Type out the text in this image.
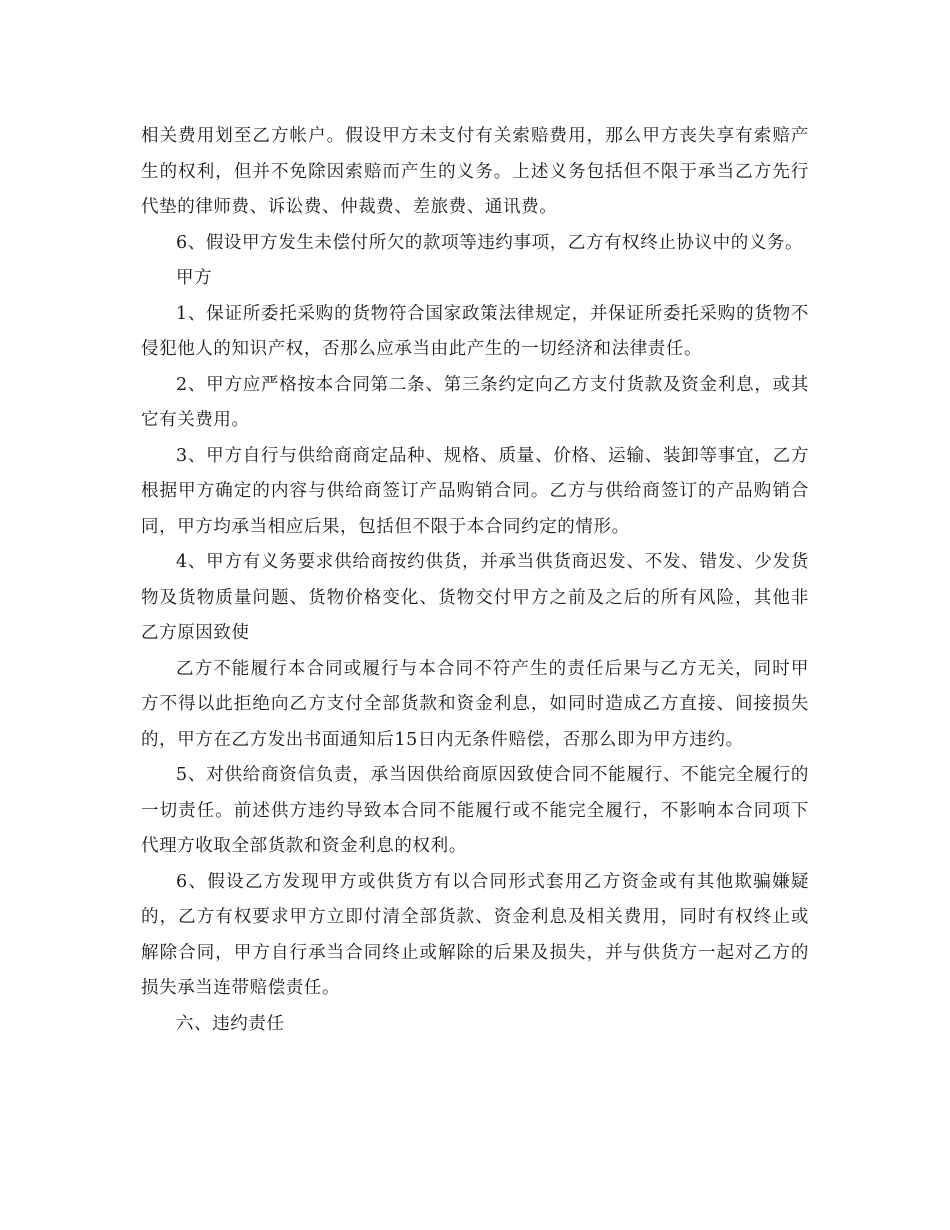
相关费用划至乙方帐户。假设甲方未支付有关索赔费用，那么甲方丧失享有索赔产生的权利，但并不免除因索赔而产生的义务。上述义务包括但不限于承当乙方先行代垫的律师费、诉讼费、仲裁费、差旅费、通讯费。

6、假设甲方发生未偿付所欠的款项等违约事项，乙方有权终止协议中的义务。

甲方

1、保证所委托采购的货物符合国家政策法律规定，并保证所委托采购的货物不侵犯他人的知识产权，否那么应承当由此产生的一切经济和法律责任。

2、甲方应严格按本合同第二条、第三条约定向乙方支付货款及资金利息，或其它有关费用。

3、甲方自行与供给商商定品种、规格、质量、价格、运输、装卸等事宜，乙方根据甲方确定的内容与供给商签订产品购销合同。乙方与供给商签订的产品购销合同，甲方均承当相应后果，包括但不限于本合同约定的情形。

4、甲方有义务要求供给商按约供货，并承当供货商迟发、不发、错发、少发货物及货物质量问题、货物价格变化、货物交付甲方之前及之后的所有风险，其他非乙方原因致使

乙方不能履行本合同或履行与本合同不符产生的责任后果与乙方无关，同时甲方不得以此拒绝向乙方支付全部货款和资金利息，如同时造成乙方直接、间接损失的，甲方在乙方发出书面通知后15日内无条件赔偿，否那么即为甲方违约。

5、对供给商资信负责，承当因供给商原因致使合同不能履行、不能完全履行的一切责任。前述供方违约导致本合同不能履行或不能完全履行，不影响本合同项下代理方收取全部货款和资金利息的权利。

6、假设乙方发现甲方或供货方有以合同形式套用乙方资金或有其他欺骗嫌疑的，乙方有权要求甲方立即付清全部货款、资金利息及相关费用，同时有权终止或解除合同，甲方自行承当合同终止或解除的后果及损失，并与供货方一起对乙方的损失承当连带赔偿责任。

六、违约责任
